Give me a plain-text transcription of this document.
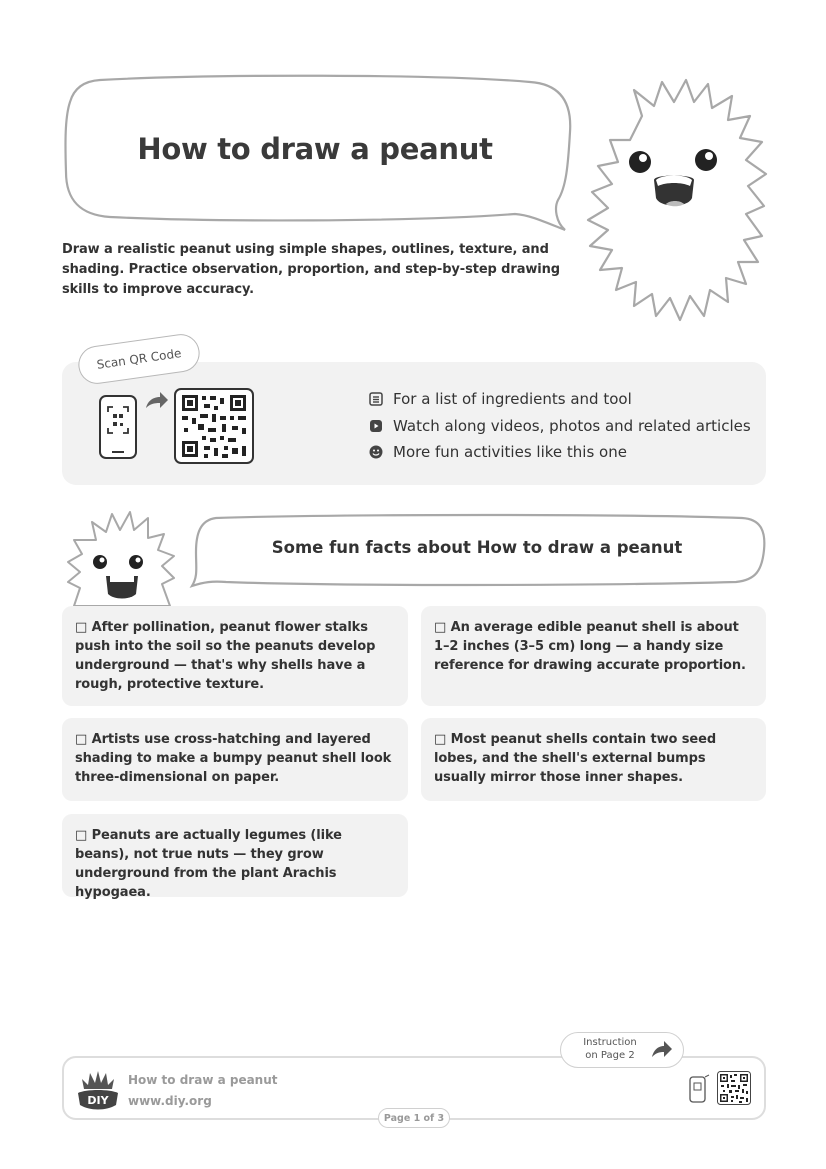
How to draw a peanut

Draw a realistic peanut using simple shapes, outlines, texture, and shading. Practice observation, proportion, and step-by-step drawing skills to improve accuracy.

Scan QR Code
For a list of ingredients and tool
Watch along videos, photos and related articles
More fun activities like this one
Some fun facts about How to draw a peanut
□ After pollination, peanut flower stalks push into the soil so the peanuts develop underground — that's why shells have a rough, protective texture.
□ An average edible peanut shell is about 1–2 inches (3–5 cm) long — a handy size reference for drawing accurate proportion.
□ Artists use cross-hatching and layered shading to make a bumpy peanut shell look three-dimensional on paper.
□ Most peanut shells contain two seed lobes, and the shell's external bumps usually mirror those inner shapes.
□ Peanuts are actually legumes (like beans), not true nuts — they grow underground from the plant Arachis hypogaea.
DIY
How to draw a peanut
www.diy.org
Instruction
on Page 2
Page 1 of 3
